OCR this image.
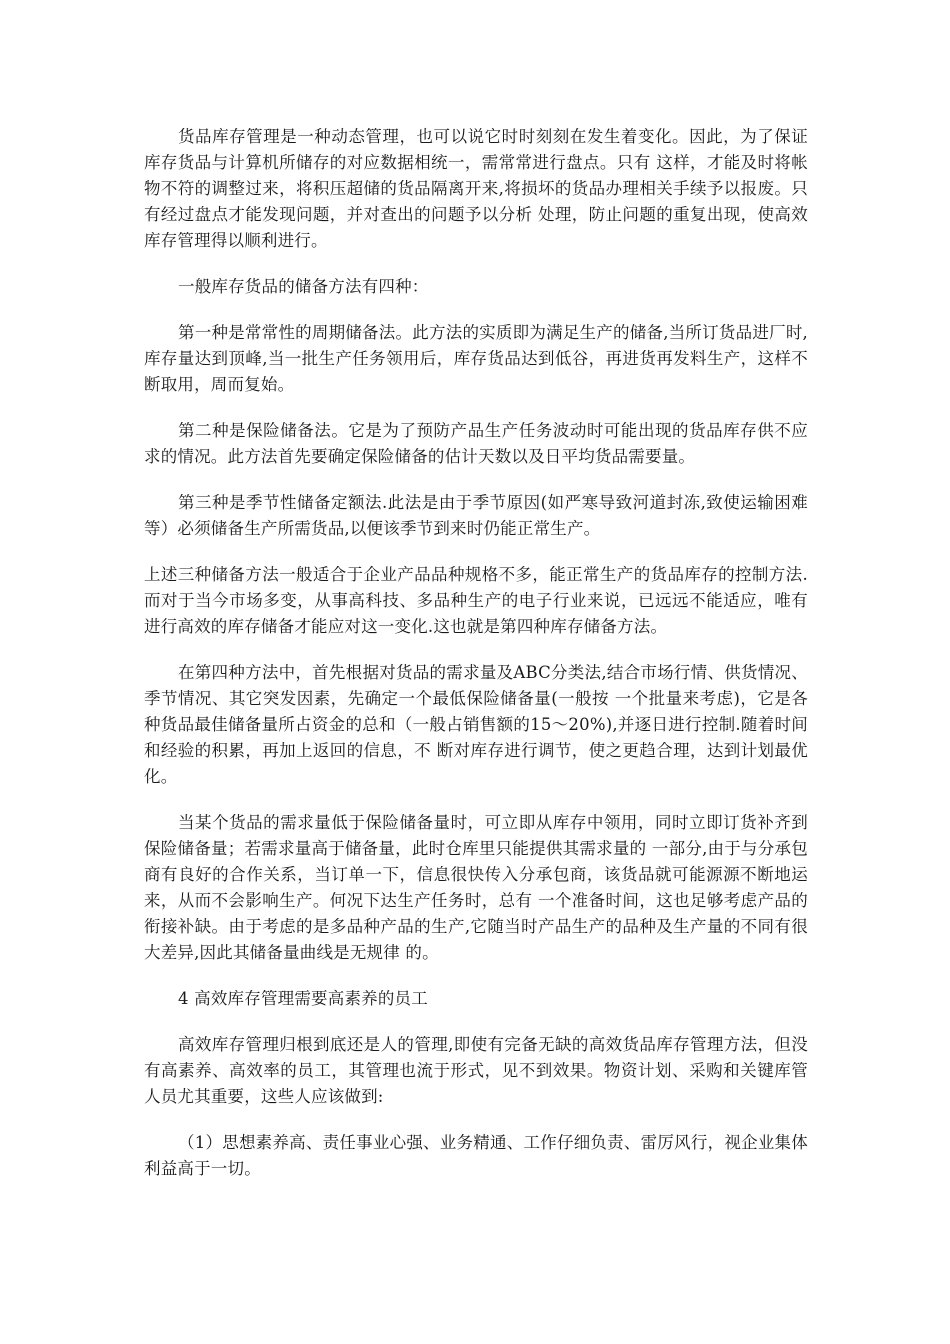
货品库存管理是一种动态管理，也可以说它时时刻刻在发生着变化。因此，为了保证库存货品与计算机所储存的对应数据相统一，需常常进行盘点。只有 这样，才能及时将帐物不符的调整过来，将积压超储的货品隔离开来,将损坏的货品办理相关手续予以报废。只有经过盘点才能发现问题，并对查出的问题予以分析 处理，防止问题的重复出现，使高效库存管理得以顺利进行。

一般库存货品的储备方法有四种：

第一种是常常性的周期储备法。此方法的实质即为满足生产的储备,当所订货品进厂时,库存量达到顶峰,当一批生产任务领用后，库存货品达到低谷，再进货再发料生产，这样不断取用，周而复始。

第二种是保险储备法。它是为了预防产品生产任务波动时可能出现的货品库存供不应求的情况。此方法首先要确定保险储备的估计天数以及日平均货品需要量。

第三种是季节性储备定额法.此法是由于季节原因(如严寒导致河道封冻,致使运输困难等）必须储备生产所需货品,以便该季节到来时仍能正常生产。

上述三种储备方法一般适合于企业产品品种规格不多，能正常生产的货品库存的控制方法.而对于当今市场多变，从事高科技、多品种生产的电子行业来说，已远远不能适应，唯有进行高效的库存储备才能应对这一变化.这也就是第四种库存储备方法。

在第四种方法中，首先根据对货品的需求量及ABC分类法,结合市场行情、供货情况、季节情况、其它突发因素，先确定一个最低保险储备量(一般按 一个批量来考虑)，它是各种货品最佳储备量所占资金的总和（一般占销售额的15～20%),并逐日进行控制.随着时间和经验的积累，再加上返回的信息，不 断对库存进行调节，使之更趋合理，达到计划最优化。

当某个货品的需求量低于保险储备量时，可立即从库存中领用，同时立即订货补齐到保险储备量；若需求量高于储备量，此时仓库里只能提供其需求量的 一部分,由于与分承包商有良好的合作关系，当订单一下，信息很快传入分承包商，该货品就可能源源不断地运来，从而不会影响生产。何况下达生产任务时，总有 一个准备时间，这也足够考虑产品的衔接补缺。由于考虑的是多品种产品的生产,它随当时产品生产的品种及生产量的不同有很大差异,因此其储备量曲线是无规律 的。

4 高效库存管理需要高素养的员工

高效库存管理归根到底还是人的管理,即使有完备无缺的高效货品库存管理方法，但没有高素养、高效率的员工，其管理也流于形式，见不到效果。物资计划、采购和关键库管人员尤其重要，这些人应该做到:

（1）思想素养高、责任事业心强、业务精通、工作仔细负责、雷厉风行，视企业集体利益高于一切。
